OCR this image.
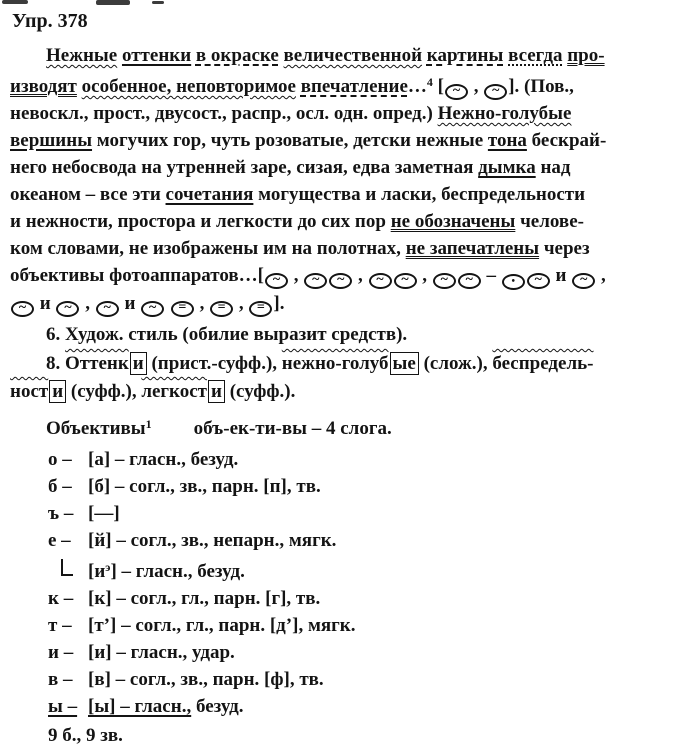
Упр. 378
Нежные оттенки в окраске величественной картины всегда про-
изводят особенное, неповторимое впечатление…$^4$ [ ~ , ~ ]. (Пов.,
невоскл., прост., двусост., распр., осл. одн. опред.) Нежно-голубые
вершины могучих гор, чуть розоватые, детски нежные тона бескрай-
него небосвода на утренней заре, сизая, едва заметная дымка над
океаном – все эти сочетания могущества и ласки, беспредельности
и нежности, простора и легкости до сих пор не обозначены челове-
ком словами, не изображены им на полотнах, не запечатлены через
объективы фотоаппаратов…[ ~ , ~ ~ , ~ ~ , ~ ~ – • ~ и ~ ,
~ и ~ , ~ и ~
= , = , = ].
6. Худож. стиль (обилие выразит средств).
8. Оттенк и (прист.-суфф.), нежно-голуб ые (слож.), беспредель-
ност и (суфф.), легкост и (суфф.).
Объективы$^1$ объ-ек-ти-вы – 4 слога.
о – [а] – гласн., безуд.
б – [б] – согл., зв., парн. [п], тв.
ъ – [—]
е – [й] – согл., зв., непарн., мягк.
$[и^э]$ – гласн., безуд.
к – [к] – согл., гл., парн. [г], тв.
т – [т’] – согл., гл., парн. [д’], мягк.
и – [и] – гласн., удар.
в – [в] – согл., зв., парн. [ф], тв.
ы – [ы] – гласн., безуд.
9 б., 9 зв.
